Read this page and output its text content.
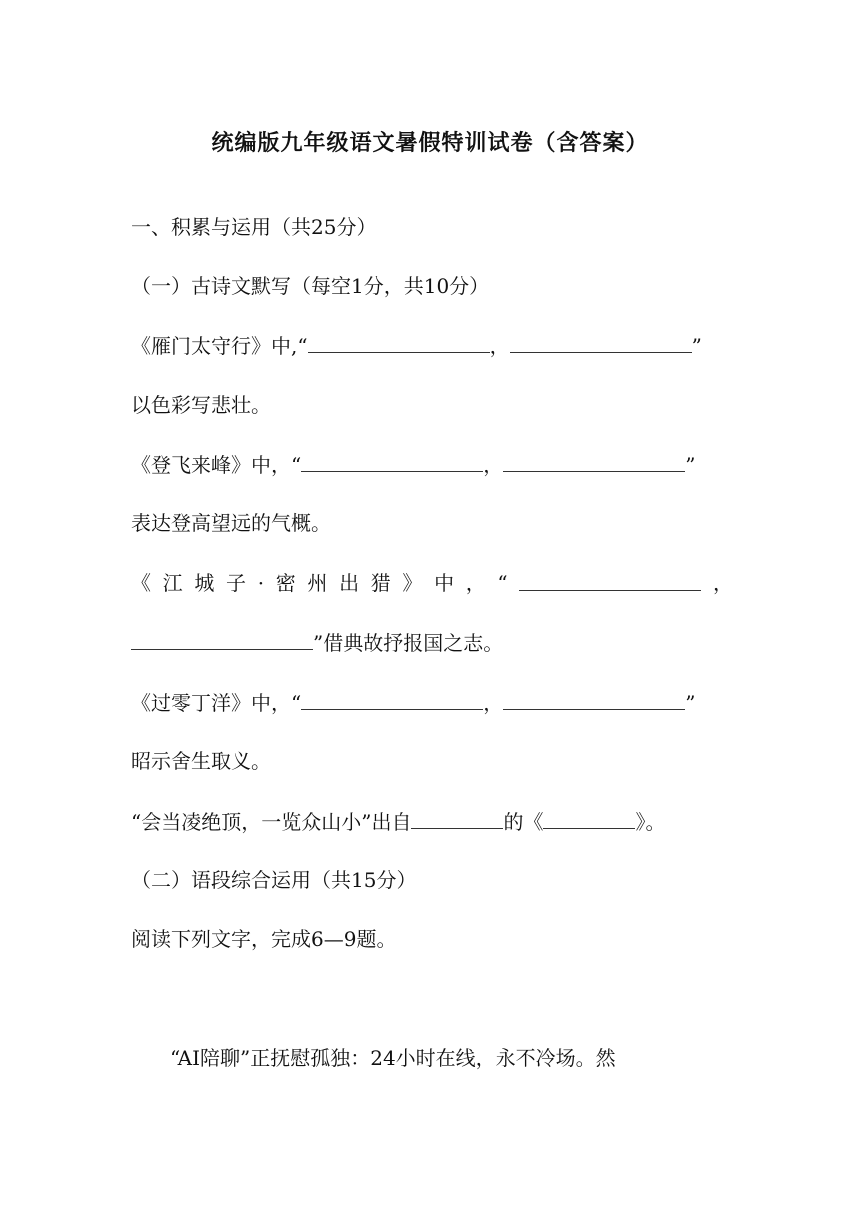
统编版九年级语文暑假特训试卷（含答案）
一、积累与运用（共25分）
（一）古诗文默写（每空1分，共10分）
《雁门太守行》中,“	，	”
以色彩写悲壮。
《登飞来峰》中，“	，	”
表达登高望远的气概。
《 江 城 子 · 密 州 出 猎 》 中 ， “	，
”借典故抒报国之志。
《过零丁洋》中，“	，	”
昭示舍生取义。
“会当凌绝顶，一览众山小”出自	的《	》。
（二）语段综合运用（共15分）
阅读下列文字，完成6—9题。
“AI陪聊”正抚慰孤独：24小时在线，永不冷场。然
